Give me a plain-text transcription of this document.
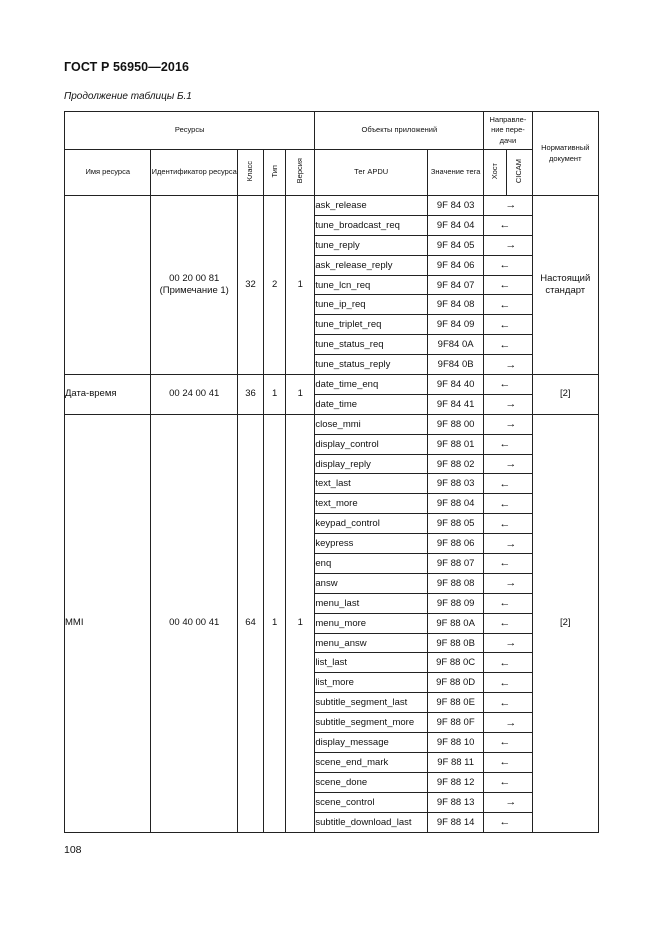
ГОСТ Р 56950—2016
Продолжение таблицы Б.1
Ресурсы					Объекты приложений		Направле-ние пере-дачи		Нормативный документ
Имя ресурса	Идентификатор ресурса	Класс	Тип	Версия	Тег APDU	Значение тега	Хост	CICAM	
	00 20 00 81 (Примечание 1)	32	2	1	ask_release	9F 84 03	→		Настоящий стандарт
					tune_broadcast_req	9F 84 04	←		
					tune_reply	9F 84 05	→		
					ask_release_reply	9F 84 06	←		
					tune_lcn_req	9F 84 07	←		
					tune_ip_req	9F 84 08	←		
					tune_triplet_req	9F 84 09	←		
					tune_status_req	9F84 0A	←		
					tune_status_reply	9F84 0B	→		
Дата-время	00 24 00 41	36	1	1	date_time_enq	9F 84 40	←		[2]
					date_time	9F 84 41	→		
MMI	00 40 00 41	64	1	1	close_mmi	9F 88 00	→		[2]
					display_control	9F 88 01	←		
					display_reply	9F 88 02	→		
					text_last	9F 88 03	←		
					text_more	9F 88 04	←		
					keypad_control	9F 88 05	←		
					keypress	9F 88 06	→		
					enq	9F 88 07	←		
					answ	9F 88 08	→		
					menu_last	9F 88 09	←		
					menu_more	9F 88 0A	←		
					menu_answ	9F 88 0B	→		
					list_last	9F 88 0C	←		
					list_more	9F 88 0D	←		
					subtitle_segment_last	9F 88 0E	←		
					subtitle_segment_more	9F 88 0F	→		
					display_message	9F 88 10	←		
					scene_end_mark	9F 88 11	←		
					scene_done	9F 88 12	←		
					scene_control	9F 88 13	→		
					subtitle_download_last	9F 88 14	←		
108
